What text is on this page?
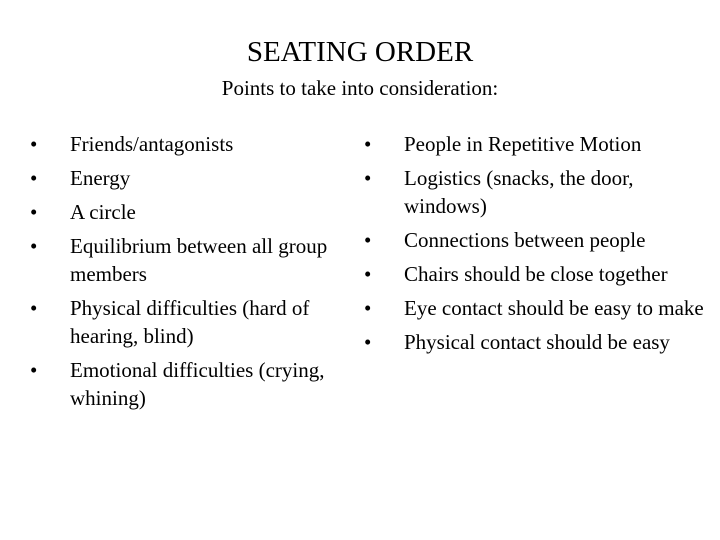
SEATING ORDER

Points to take into consideration:

•	Friends/antagonists
•	Energy
•	A circle
•	Equilibrium between all group members
•	Physical difficulties (hard of hearing, blind)
•	Emotional difficulties (crying, whining)
•	People in Repetitive Motion
•	Logistics (snacks, the door, windows)
•	Connections between people
•	Chairs should be close together
•	Eye contact should be easy to make
•	Physical contact should be easy
